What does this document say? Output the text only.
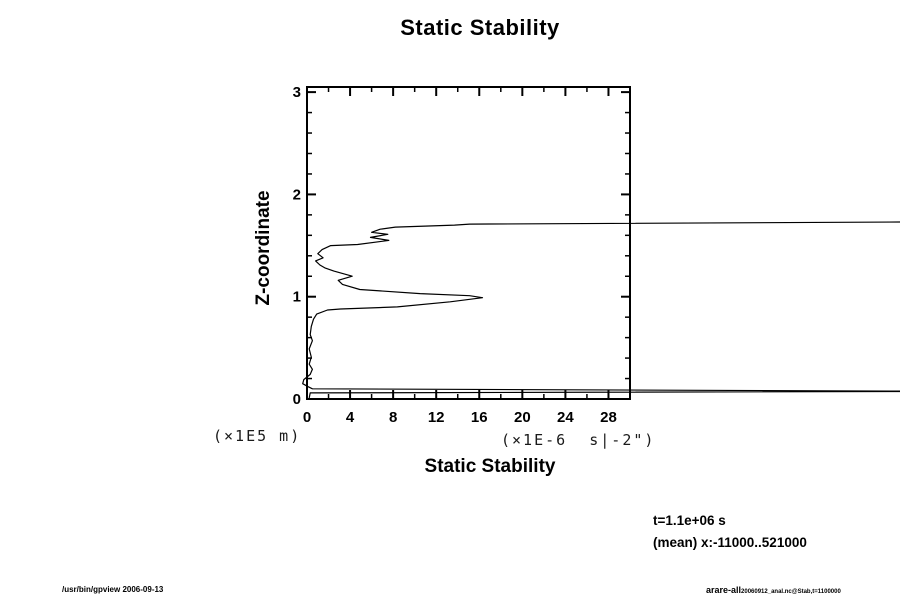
Static Stability
Z-coordinate
(×1E5 m)	(×1E-6  s|-2")
0 4 8 12 16 20 24 28
0
1
2
3
Static Stability
t=1.1e+06 s
(mean) x:-11000..521000
/usr/bin/gpview 2006-09-13	arare-all20060912_anal.nc@Stab,t=1100000
